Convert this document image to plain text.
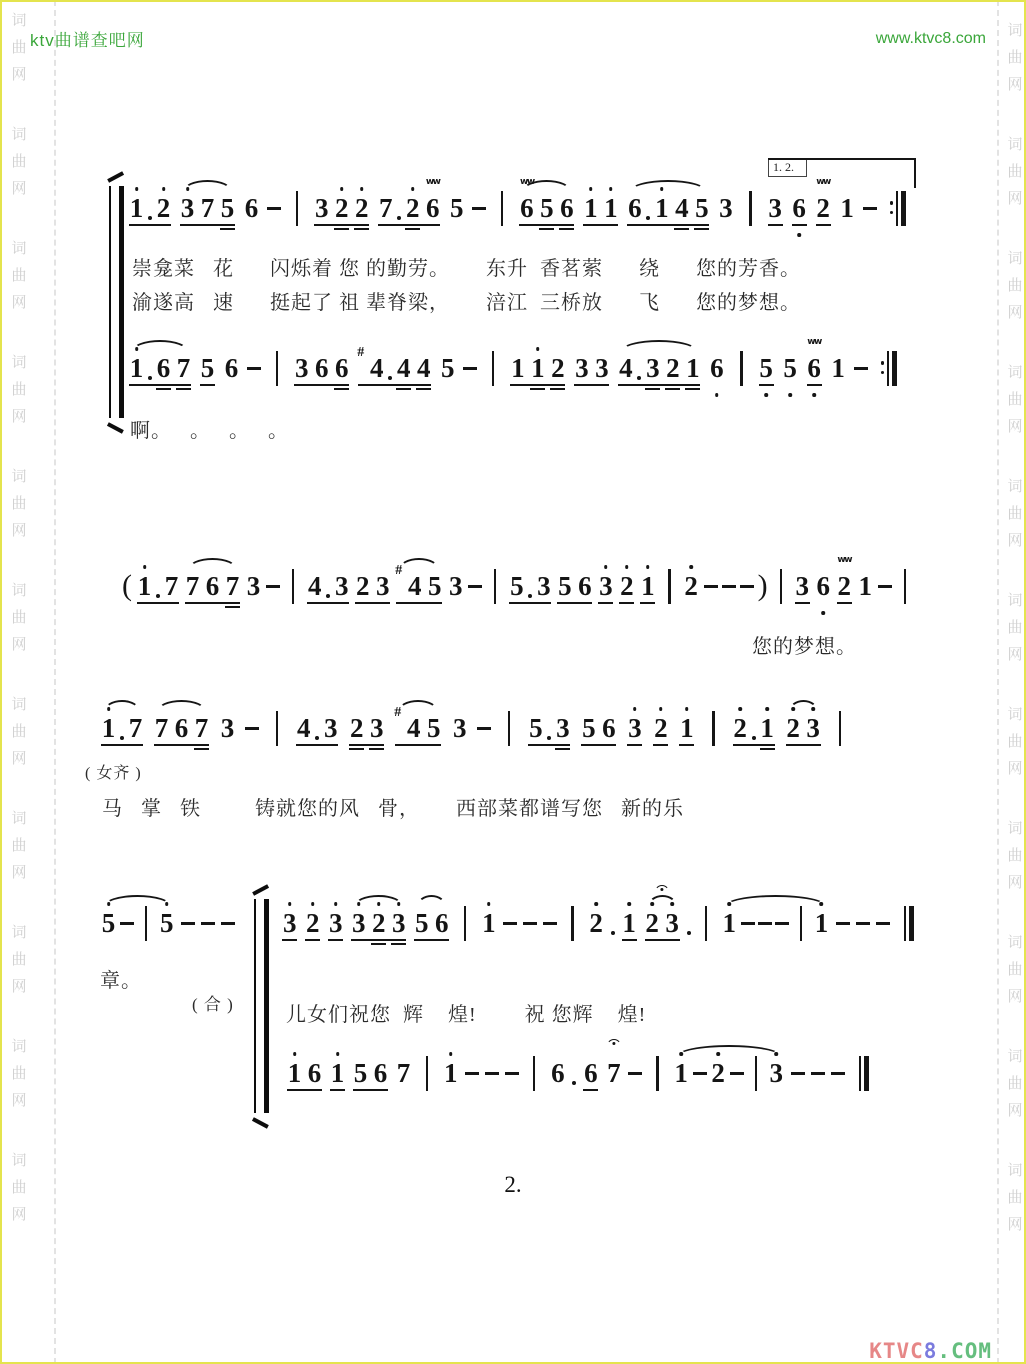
ktv曲谱查吧网	www.ktvc8.com
词
曲
网
词
曲
网
词
曲
网
词
曲
网
词
曲
网
词
曲
网
词
曲
网
词
曲
网
词
曲
网
词
曲
网
词
曲
网
词
曲
网
词
曲
网
词
曲
网
词
曲
网
词
曲
网
词
曲
网
词
曲
网
词
曲
网
词
曲
网
词
曲
网
词
曲
网
1. 2.
1 2 3 7 5 6 3 2 2 7 2 6
ww
5 6
ww
5 6 1 1 6 1 4 5 3 3 6 2
ww
1
崇龛菜   花      闪烁着 您 的勤劳。      东升  香茗萦      绕      您的芳香。
渝遂高   速      挺起了 祖 辈脊梁，      涪江  三桥放      飞      您的梦想。
1 6 7 5 6 3 6 6
#
4 4 4 5 1 1 2 3 3 4 3 2 1 6 5 5 6
ww
1
啊。   。   。   。
( 1 7 7 6 7 3 4 3 2 3
#
4 5 3 5 3 5 6 3 2 1 2 ) 3 6 2
ww
1
您的梦想。
1 7 7 6 7 3 4 3 2 3
#
4 5 3 5 3 5 6 3 2 1 2 1 2 3
( 女齐 )
马   掌   铁         铸就您的风   骨，      西部菜都谱写您   新的乐
5 5	3 2 3 3 2 3 5 6 1	2 1 2 3 1	1
章。
( 合 )	儿女们祝您  辉    煌!        祝 您辉    煌!
1 6 1 5 6 7 1	6 6 7 1 2 3
2.

KTVC8.COM
